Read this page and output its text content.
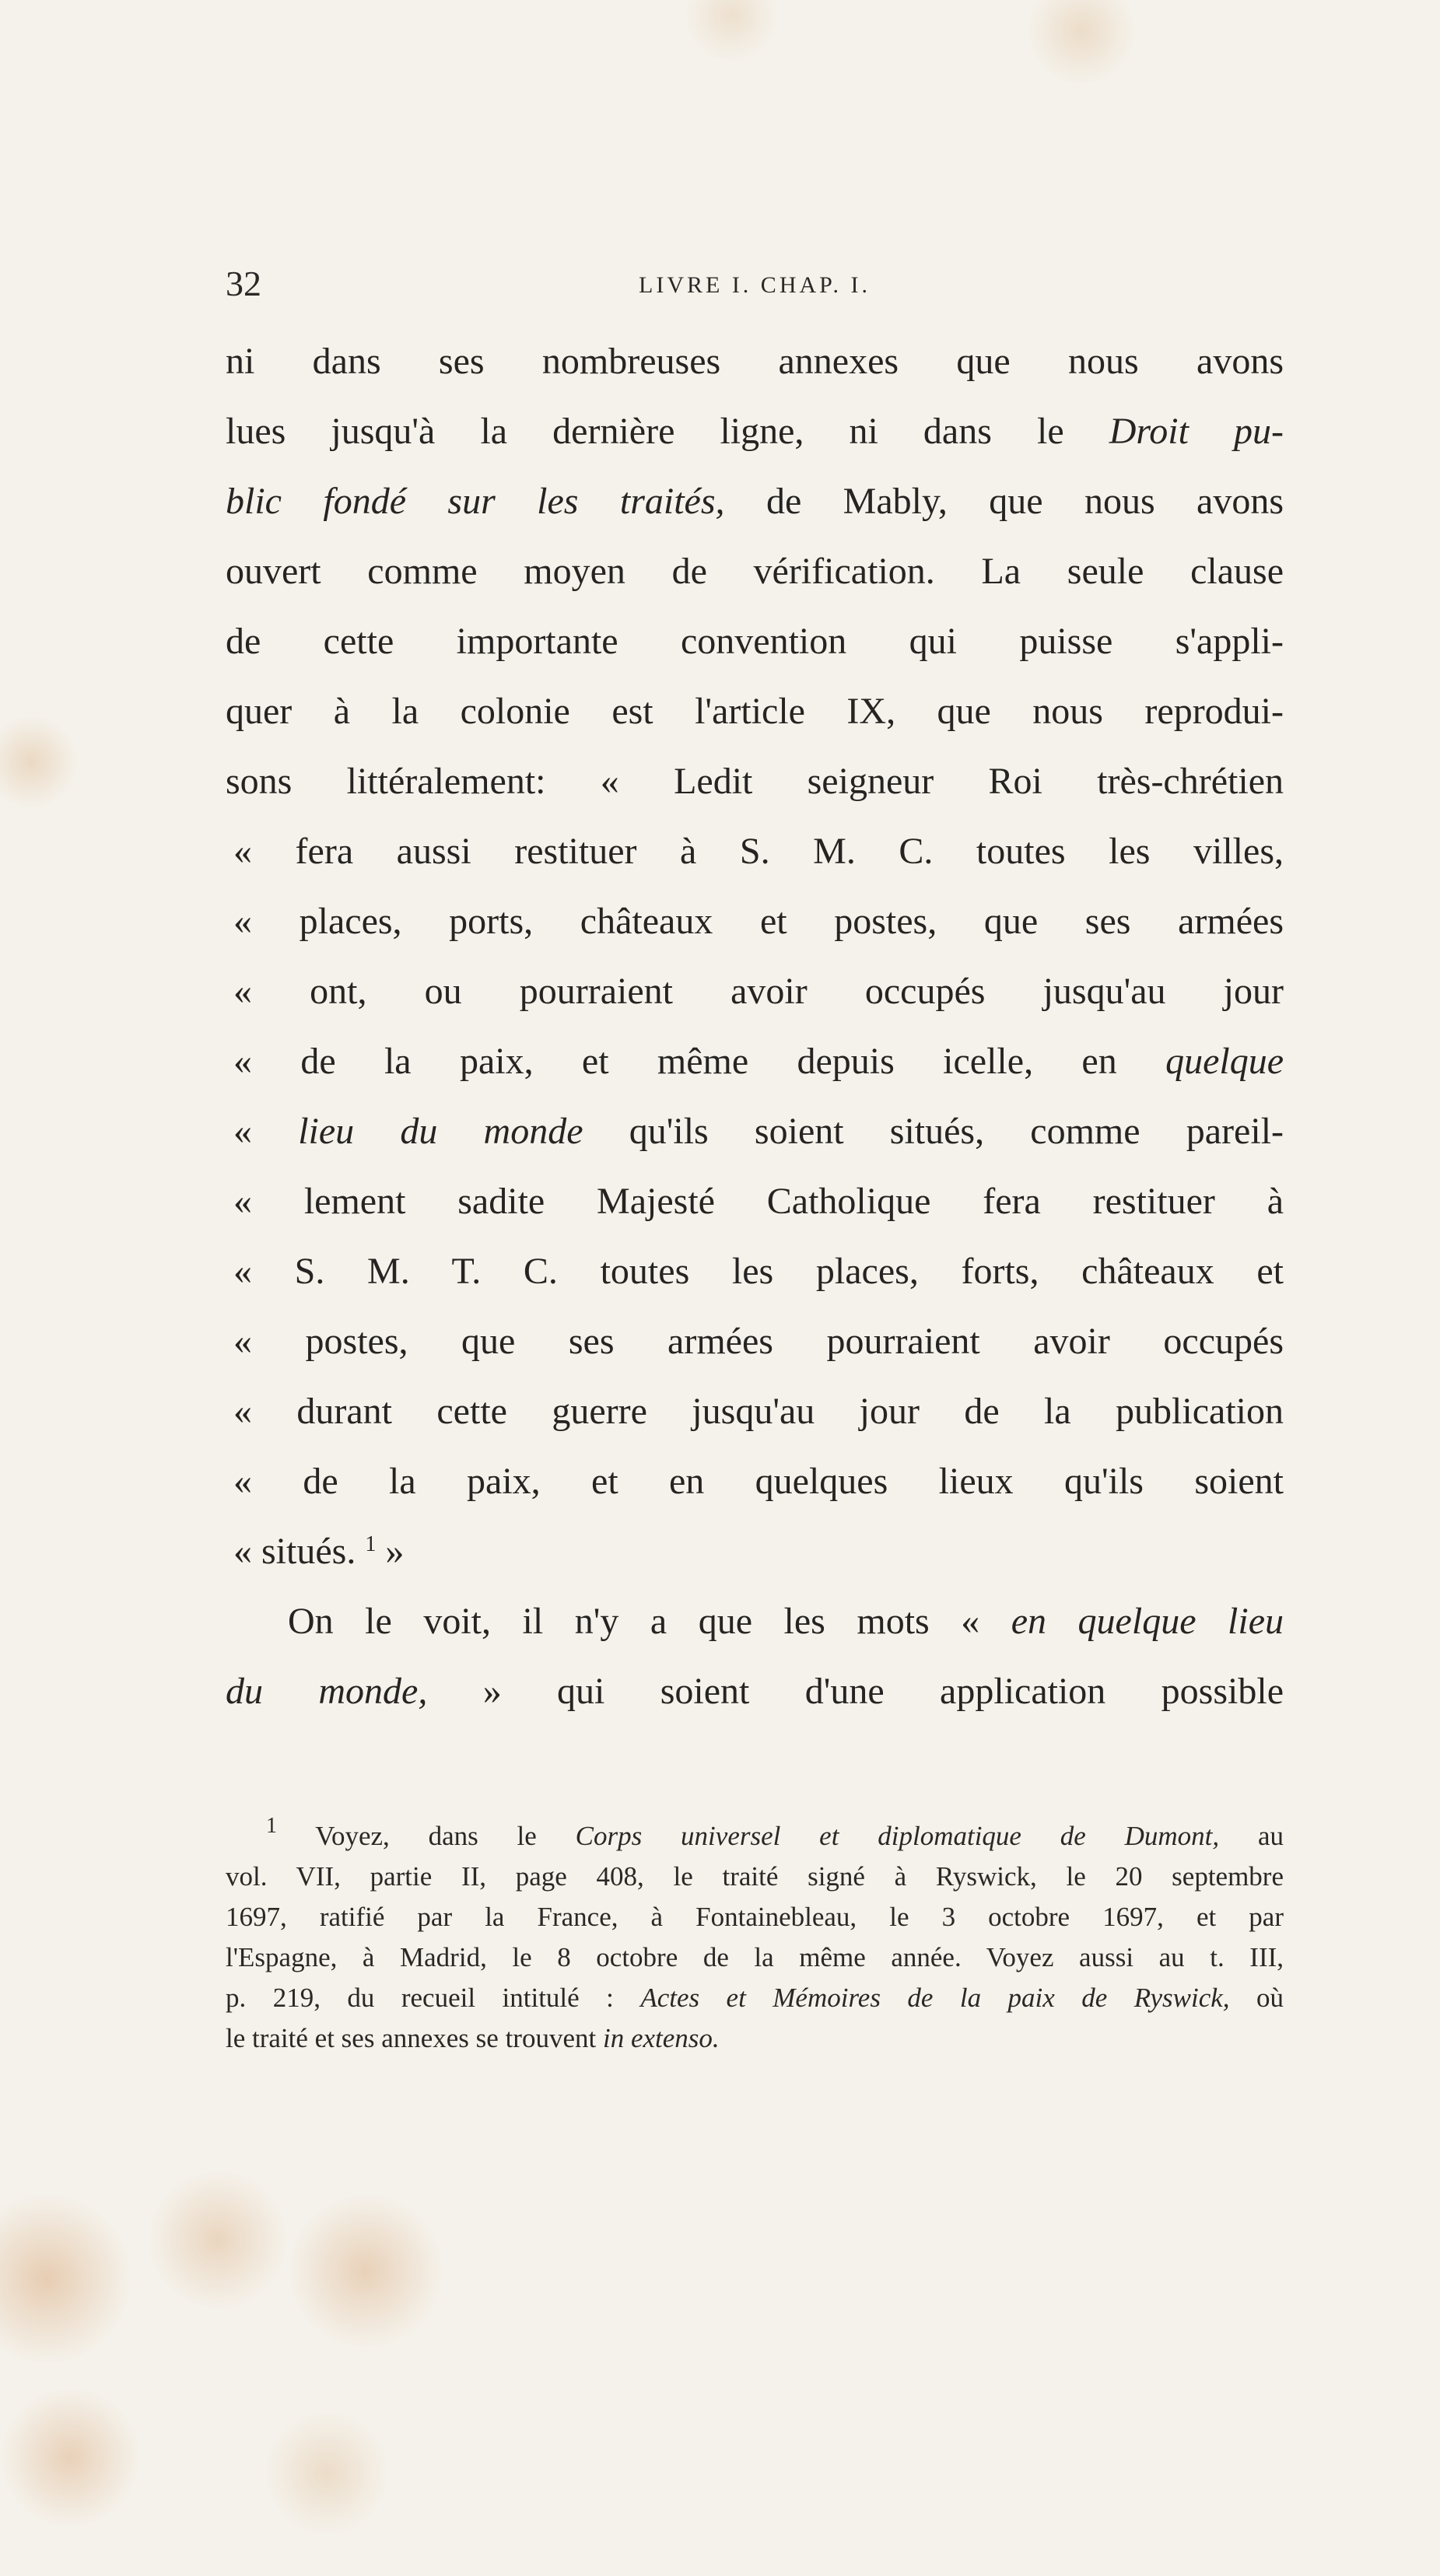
32	LIVRE I. CHAP. I.
ni dans ses nombreuses annexes que nous avons
lues jusqu'à la dernière ligne, ni dans le Droit pu-
blic fondé sur les traités, de Mably, que nous avons
ouvert comme moyen de vérification. La seule clause
de cette importante convention qui puisse s'appli-
quer à la colonie est l'article IX, que nous reprodui-
sons littéralement: « Ledit seigneur Roi très-chrétien
« fera aussi restituer à S. M. C. toutes les villes,
« places, ports, châteaux et postes, que ses armées
« ont, ou pourraient avoir occupés jusqu'au jour
« de la paix, et même depuis icelle, en quelque
« lieu du monde qu'ils soient situés, comme pareil-
« lement sadite Majesté Catholique fera restituer à
« S. M. T. C. toutes les places, forts, châteaux et
« postes, que ses armées pourraient avoir occupés
« durant cette guerre jusqu'au jour de la publication
« de la paix, et en quelques lieux qu'ils soient
« situés. $^1$ »
On le voit, il n'y a que les mots « en quelque lieu
du monde, » qui soient d'une application possible
$^1$ Voyez, dans le Corps universel et diplomatique de Dumont, au
vol. VII, partie II, page 408, le traité signé à Ryswick, le 20 septembre
1697, ratifié par la France, à Fontainebleau, le 3 octobre 1697, et par
l'Espagne, à Madrid, le 8 octobre de la même année. Voyez aussi au t. III,
p. 219, du recueil intitulé : Actes et Mémoires de la paix de Ryswick, où
le traité et ses annexes se trouvent in extenso.
